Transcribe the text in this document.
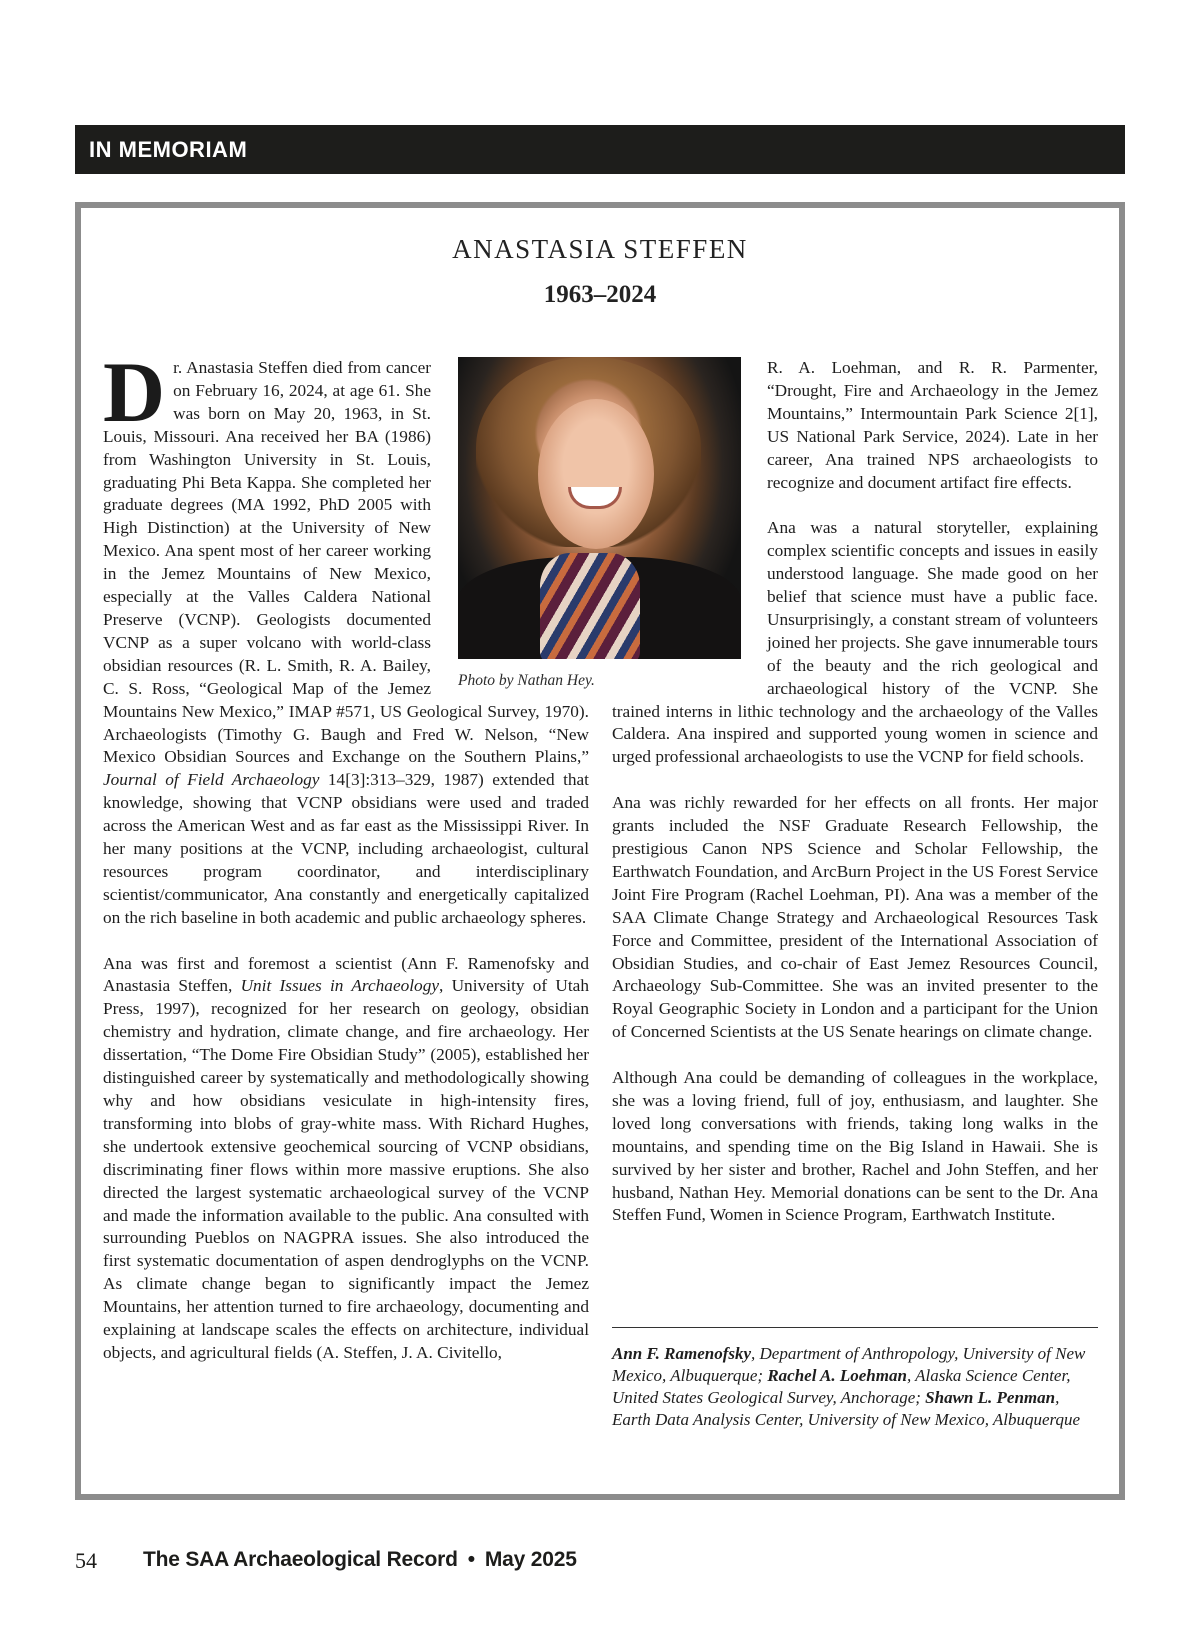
IN MEMORIAM
ANASTASIA STEFFEN
1963–2024

Dr. Anastasia Steffen died from cancer on February 16, 2024, at age 61. She was born on May 20, 1963, in St. Louis, Missouri. Ana received her BA (1986) from Washington University in St. Louis, graduating Phi Beta Kappa. She completed her graduate degrees (MA 1992, PhD 2005 with High Distinction) at the University of New Mexico. Ana spent most of her career working in the Jemez Mountains of New Mexico, especially at the Valles Caldera National Preserve (VCNP). Geologists documented VCNP as a super volcano with world-class obsidian resources (R. L. Smith, R. A. Bailey, C. S. Ross, “Geological Map of the Jemez Mountains New Mexico,” IMAP #571, US Geological Survey, 1970). Archaeologists (Timothy G. Baugh and Fred W. Nelson, “New Mexico Obsidian Sources and Exchange on the Southern Plains,” Journal of Field Archaeology 14[3]:313–329, 1987) extended that knowledge, showing that VCNP obsidians were used and traded across the American West and as far east as the Mississippi River. In her many positions at the VCNP, including archaeologist, cultural resources program coordinator, and interdisciplinary scientist/communicator, Ana constantly and energetically capitalized on the rich baseline in both academic and public archaeology spheres.

Ana was first and foremost a scientist (Ann F. Ramenofsky and Anastasia Steffen, Unit Issues in Archaeology, University of Utah Press, 1997), recognized for her research on geology, obsidian chemistry and hydration, climate change, and fire archaeology. Her dissertation, “The Dome Fire Obsidian Study” (2005), established her distinguished career by systematically and methodologically showing why and how obsidians vesiculate in high-intensity fires, transforming into blobs of gray-white mass. With Richard Hughes, she undertook extensive geochemical sourcing of VCNP obsidians, discriminating finer flows within more massive eruptions. She also directed the largest systematic archaeological survey of the VCNP and made the information available to the public. Ana consulted with surrounding Pueblos on NAGPRA issues. She also introduced the first systematic documentation of aspen dendroglyphs on the VCNP. As climate change began to significantly impact the Jemez Mountains, her attention turned to fire archaeology, documenting and explaining at landscape scales the effects on architecture, individual objects, and agricultural fields (A. Steffen, J. A. Civitello,

Photo by Nathan Hey.

R. A. Loehman, and R. R. Parmenter, “Drought, Fire and Archaeology in the Jemez Mountains,” Intermountain Park Science 2[1], US National Park Service, 2024). Late in her career, Ana trained NPS archaeologists to recognize and document artifact fire effects.

Ana was a natural storyteller, explaining complex scientific concepts and issues in easily understood language. She made good on her belief that science must have a public face. Unsurprisingly, a constant stream of volunteers joined her projects. She gave innumerable tours of the beauty and the rich geological and archaeological history of the VCNP. She trained interns in lithic technology and the archaeology of the Valles Caldera. Ana inspired and supported young women in science and urged professional archaeologists to use the VCNP for field schools.

Ana was richly rewarded for her effects on all fronts. Her major grants included the NSF Graduate Research Fellowship, the prestigious Canon NPS Science and Scholar Fellowship, the Earthwatch Foundation, and ArcBurn Project in the US Forest Service Joint Fire Program (Rachel Loehman, PI). Ana was a member of the SAA Climate Change Strategy and Archaeological Resources Task Force and Committee, president of the International Association of Obsidian Studies, and co-chair of East Jemez Resources Council, Archaeology Sub-Committee. She was an invited presenter to the Royal Geographic Society in London and a participant for the Union of Concerned Scientists at the US Senate hearings on climate change.

Although Ana could be demanding of colleagues in the workplace, she was a loving friend, full of joy, enthusiasm, and laughter. She loved long conversations with friends, taking long walks in the mountains, and spending time on the Big Island in Hawaii. She is survived by her sister and brother, Rachel and John Steffen, and her husband, Nathan Hey. Memorial donations can be sent to the Dr. Ana Steffen Fund, Women in Science Program, Earthwatch Institute.

Ann F. Ramenofsky, Department of Anthropology, University of New Mexico, Albuquerque; Rachel A. Loehman, Alaska Science Center, United States Geological Survey, Anchorage; Shawn L. Penman, Earth Data Analysis Center, University of New Mexico, Albuquerque
54 The SAA Archaeological Record • May 2025
